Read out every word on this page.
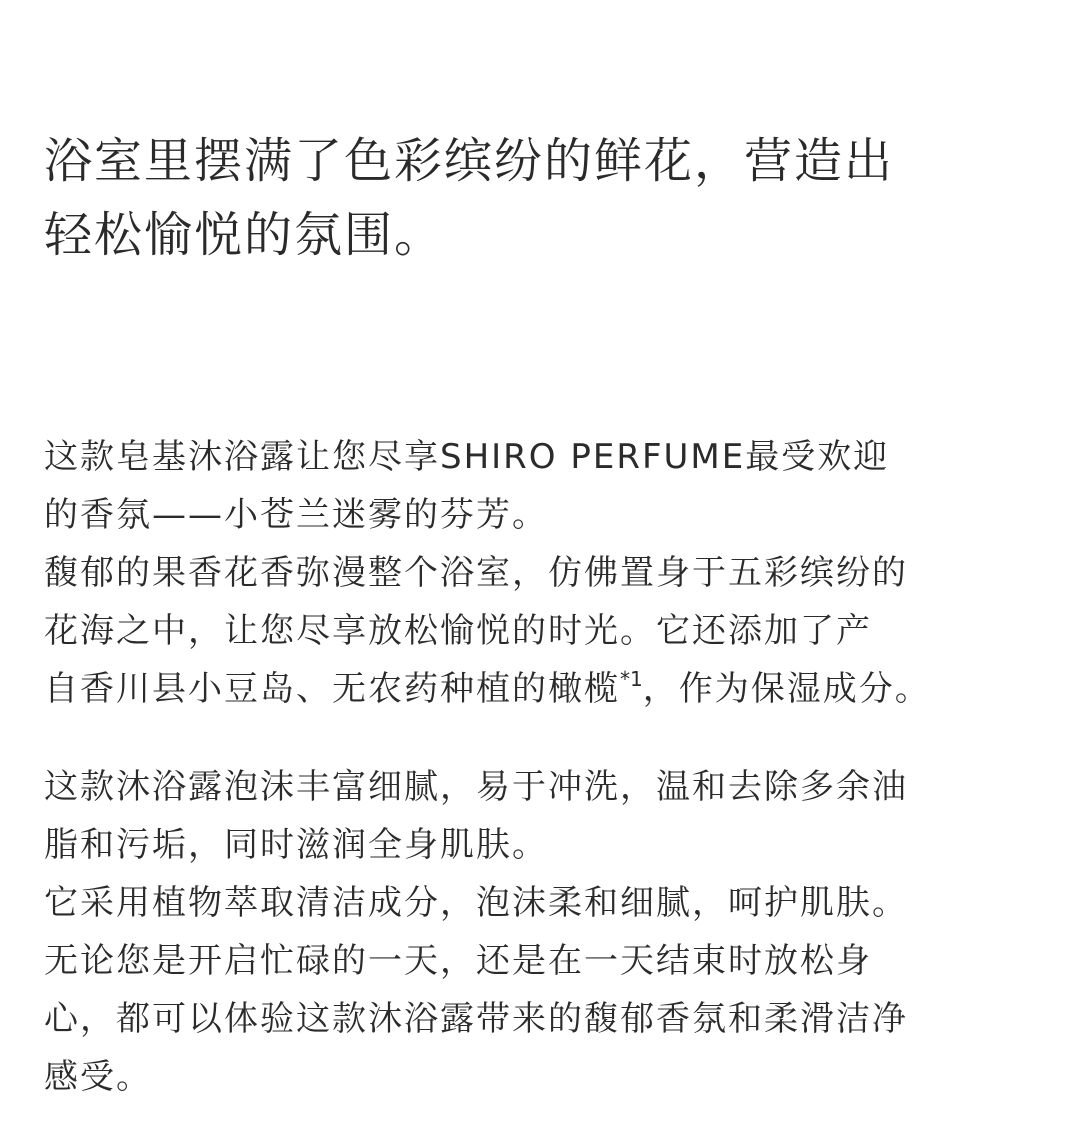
浴室里摆满了色彩缤纷的鲜花，营造出
轻松愉悦的氛围。
这款皂基沐浴露让您尽享SHIRO PERFUME最受欢迎
的香氛——小苍兰迷雾的芬芳。
馥郁的果香花香弥漫整个浴室，仿佛置身于五彩缤纷的
花海之中，让您尽享放松愉悦的时光。它还添加了产
自香川县小豆岛、无农药种植的橄榄$^{*1}$，作为保湿成分。
这款沐浴露泡沫丰富细腻，易于冲洗，温和去除多余油
脂和污垢，同时滋润全身肌肤。
它采用植物萃取清洁成分，泡沫柔和细腻，呵护肌肤。
无论您是开启忙碌的一天，还是在一天结束时放松身
心，都可以体验这款沐浴露带来的馥郁香氛和柔滑洁净
感受。
